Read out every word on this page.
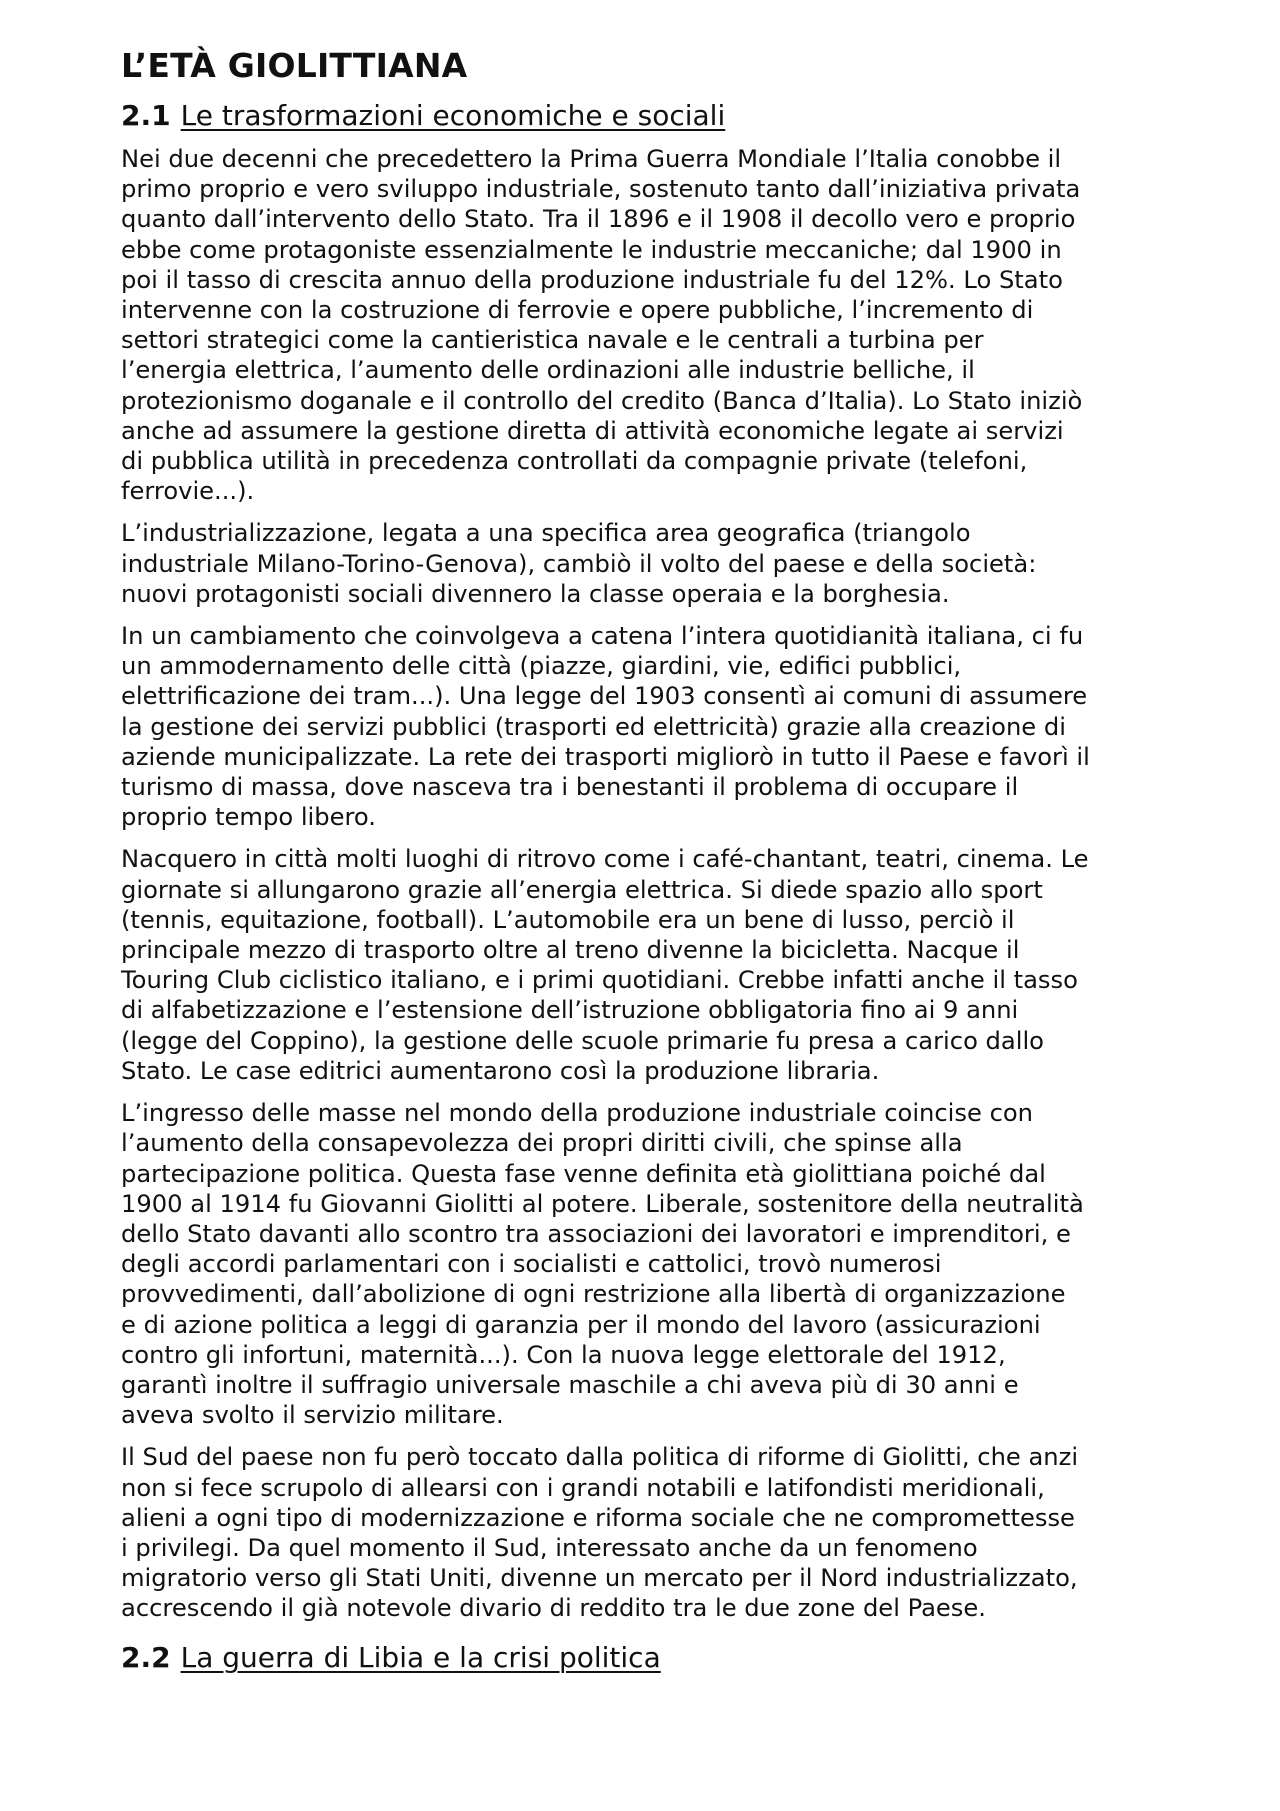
L’ETÀ GIOLITTIANA
2.1 Le trasformazioni economiche e sociali

Nei due decenni che precedettero la Prima Guerra Mondiale l’Italia conobbe il
primo proprio e vero sviluppo industriale, sostenuto tanto dall’iniziativa privata
quanto dall’intervento dello Stato. Tra il 1896 e il 1908 il decollo vero e proprio
ebbe come protagoniste essenzialmente le industrie meccaniche; dal 1900 in
poi il tasso di crescita annuo della produzione industriale fu del 12%. Lo Stato
intervenne con la costruzione di ferrovie e opere pubbliche, l’incremento di
settori strategici come la cantieristica navale e le centrali a turbina per
l’energia elettrica, l’aumento delle ordinazioni alle industrie belliche, il
protezionismo doganale e il controllo del credito (Banca d’Italia). Lo Stato iniziò
anche ad assumere la gestione diretta di attività economiche legate ai servizi
di pubblica utilità in precedenza controllati da compagnie private (telefoni,
ferrovie...).

L’industrializzazione, legata a una specifica area geografica (triangolo
industriale Milano-Torino-Genova), cambiò il volto del paese e della società:
nuovi protagonisti sociali divennero la classe operaia e la borghesia.

In un cambiamento che coinvolgeva a catena l’intera quotidianità italiana, ci fu
un ammodernamento delle città (piazze, giardini, vie, edifici pubblici,
elettrificazione dei tram...). Una legge del 1903 consentì ai comuni di assumere
la gestione dei servizi pubblici (trasporti ed elettricità) grazie alla creazione di
aziende municipalizzate. La rete dei trasporti migliorò in tutto il Paese e favorì il
turismo di massa, dove nasceva tra i benestanti il problema di occupare il
proprio tempo libero.

Nacquero in città molti luoghi di ritrovo come i café-chantant, teatri, cinema. Le
giornate si allungarono grazie all’energia elettrica. Si diede spazio allo sport
(tennis, equitazione, football). L’automobile era un bene di lusso, perciò il
principale mezzo di trasporto oltre al treno divenne la bicicletta. Nacque il
Touring Club ciclistico italiano, e i primi quotidiani. Crebbe infatti anche il tasso
di alfabetizzazione e l’estensione dell’istruzione obbligatoria fino ai 9 anni
(legge del Coppino), la gestione delle scuole primarie fu presa a carico dallo
Stato. Le case editrici aumentarono così la produzione libraria.

L’ingresso delle masse nel mondo della produzione industriale coincise con
l’aumento della consapevolezza dei propri diritti civili, che spinse alla
partecipazione politica. Questa fase venne definita età giolittiana poiché dal
1900 al 1914 fu Giovanni Giolitti al potere. Liberale, sostenitore della neutralità
dello Stato davanti allo scontro tra associazioni dei lavoratori e imprenditori, e
degli accordi parlamentari con i socialisti e cattolici, trovò numerosi
provvedimenti, dall’abolizione di ogni restrizione alla libertà di organizzazione
e di azione politica a leggi di garanzia per il mondo del lavoro (assicurazioni
contro gli infortuni, maternità...). Con la nuova legge elettorale del 1912,
garantì inoltre il suffragio universale maschile a chi aveva più di 30 anni e
aveva svolto il servizio militare.

Il Sud del paese non fu però toccato dalla politica di riforme di Giolitti, che anzi
non si fece scrupolo di allearsi con i grandi notabili e latifondisti meridionali,
alieni a ogni tipo di modernizzazione e riforma sociale che ne compromettesse
i privilegi. Da quel momento il Sud, interessato anche da un fenomeno
migratorio verso gli Stati Uniti, divenne un mercato per il Nord industrializzato,
accrescendo il già notevole divario di reddito tra le due zone del Paese.

2.2 La guerra di Libia e la crisi politica
